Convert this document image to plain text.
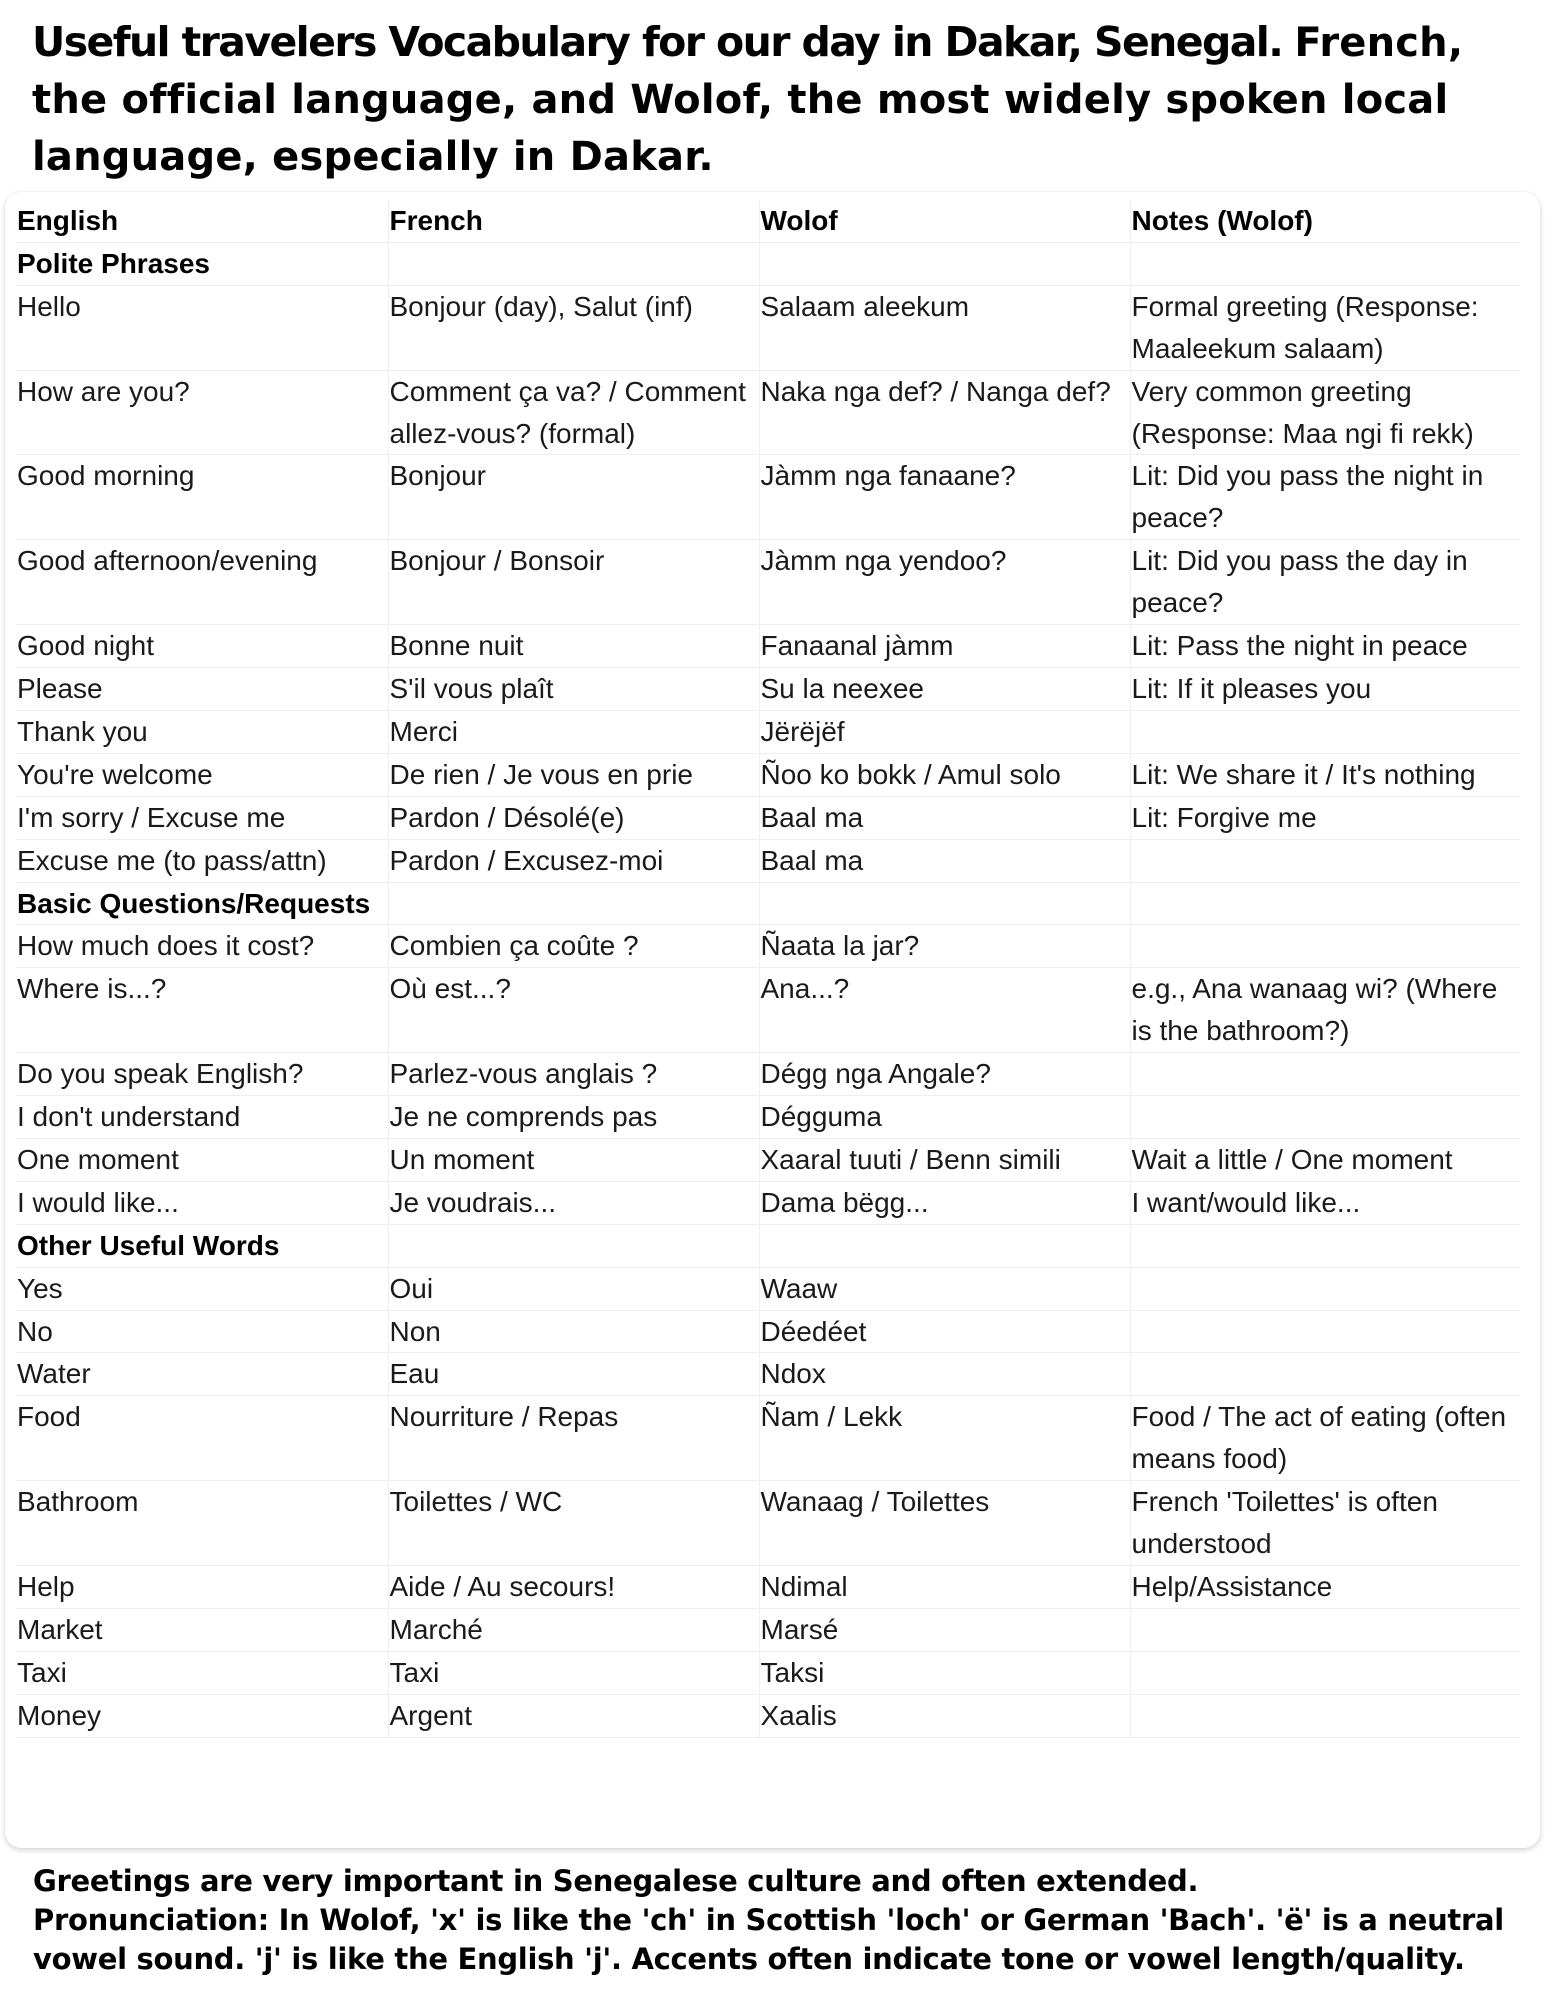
Useful travelers Vocabulary for our day in Dakar, Senegal. French, the official language, and Wolof, the most widely spoken local language, especially in Dakar.
English	French	Wolof	Notes (Wolof)
Polite Phrases			
Hello	Bonjour (day), Salut (inf)	Salaam aleekum	Formal greeting (Response: Maaleekum salaam)
How are you?	Comment ça va? / Comment allez-vous? (formal)	Naka nga def? / Nanga def?	Very common greeting (Response: Maa ngi fi rekk)
Good morning	Bonjour	Jàmm nga fanaane?	Lit: Did you pass the night in peace?
Good afternoon/evening	Bonjour / Bonsoir	Jàmm nga yendoo?	Lit: Did you pass the day in peace?
Good night	Bonne nuit	Fanaanal jàmm	Lit: Pass the night in peace
Please	S'il vous plaît	Su la neexee	Lit: If it pleases you
Thank you	Merci	Jërëjëf	
You're welcome	De rien / Je vous en prie	Ñoo ko bokk / Amul solo	Lit: We share it / It's nothing
I'm sorry / Excuse me	Pardon / Désolé(e)	Baal ma	Lit: Forgive me
Excuse me (to pass/attn)	Pardon / Excusez-moi	Baal ma	
Basic Questions/Requests			
How much does it cost?	Combien ça coûte ?	Ñaata la jar?	
Where is...?	Où est...?	Ana...?	e.g., Ana wanaag wi? (Where is the bathroom?)
Do you speak English?	Parlez-vous anglais ?	Dégg nga Angale?	
I don't understand	Je ne comprends pas	Dégguma	
One moment	Un moment	Xaaral tuuti / Benn simili	Wait a little / One moment
I would like...	Je voudrais...	Dama bëgg...	I want/would like...
Other Useful Words			
Yes	Oui	Waaw	
No	Non	Déedéet	
Water	Eau	Ndox	
Food	Nourriture / Repas	Ñam / Lekk	Food / The act of eating (often means food)
Bathroom	Toilettes / WC	Wanaag / Toilettes	French 'Toilettes' is often understood
Help	Aide / Au secours!	Ndimal	Help/Assistance
Market	Marché	Marsé	
Taxi	Taxi	Taksi	
Money	Argent	Xaalis	

Greetings are very important in Senegalese culture and often extended.

Pronunciation: In Wolof, 'x' is like the 'ch' in Scottish 'loch' or German 'Bach'. 'ë' is a neutral vowel sound. 'j' is like the English 'j'. Accents often indicate tone or vowel length/quality.
